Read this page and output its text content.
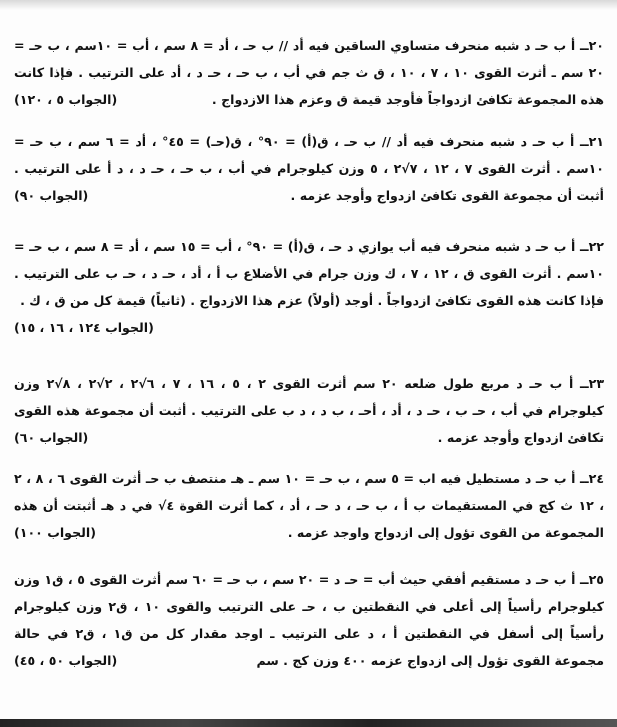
٢٠ــ أ ب حـ د شبه منحرف متساوي الساقين فيه أد // ب حـ ، أد = ٨ سم ، أب = ١٠سم ، ب حـ = ٢٠ سم ـ أثرت القوى ١٠ ، ٧ ، ١٠ ، ق ث جم في أب ، ب حـ ، حـ د ، أد على الترتيب . فإذا كانت هذه المجموعة تكافئ ازدواجاً فأوجد قيمة ق وعزم هذا الازدواج .
(الجواب ٥ ، ١٢٠)

٢١ــ أ ب حـ د شبه منحرف فيه أد // ب حـ ، ق(أ) = ٩٠° ، ق(حـ) = ٤٥° ، أد = ٦ سم ، ب حـ = ١٠سم . أثرت القوى ٧ ، ١٢ ، ٧√٢ ، ٥ وزن كيلوجرام في أب ، ب حـ ، حـ د ، د أ على الترتيب . أثبت أن مجموعة القوى تكافئ ازدواج وأوجد عزمه .
(الجواب ٩٠)

٢٢ــ أ ب حـ د شبه منحرف فيه أب يوازي د حـ ، ق(أ) = ٩٠° ، أب = ١٥ سم ، أد = ٨ سم ، ب حـ = ١٠سم . أثرت القوى ق ، ١٢ ، ٧ ، ك وزن جرام في الأضلاع ب أ ، أد ، حـ د ، حـ ب على الترتيب . فإذا كانت هذه القوى تكافئ ازدواجاً . أوجد (أولاً) عزم هذا الازدواج . (ثانياً) قيمة كل من ق ، ك .
(الجواب ١٢٤ ، ١٦ ، ١٥)

٢٣ــ أ ب حـ د مربع طول ضلعه ٢٠ سم أثرت القوى ٢ ، ٥ ، ١٦ ، ٧ ، ٦√٢ ، ٢√٢ ، ٨√٢ وزن كيلوجرام في أب ، حـ ب ، حـ د ، أد ، أحـ ، ب د ، د ب على الترتيب . أثبت أن مجموعة هذه القوى تكافئ ازدواج وأوجد عزمه .
(الجواب ٦٠)

٢٤ــ أ ب حـ د مستطيل فيه اب = ٥ سم ، ب حـ = ١٠ سم ـ هـ منتصف ب حـ أثرت القوى ٦ ، ٨ ، ٢ ، ١٢ ث كج في المستقيمات ب أ ، ب حـ ، د حـ ، أد ، كما أثرت القوة ٤√ في د هـ أثبتت أن هذه المجموعة من القوى تؤول إلى ازدواج واوجد عزمه .
(الجواب ١٠٠)

٢٥ــ أ ب حـ د مستقيم أفقي حيث أب = حـ د = ٢٠ سم ، ب حـ = ٦٠ سم أثرت القوى ٥ ، ق١ وزن كيلوجرام رأسياً إلى أعلى في النقطتين ب ، حـ على الترتيب والقوى ١٠ ، ق٢ وزن كيلوجرام رأسياً إلى أسفل في النقطتين أ ، د على الترتيب ـ اوجد مقدار كل من ق١ ، ق٢ في حالة مجموعة القوى تؤول إلى ازدواج عزمه ٤٠٠ وزن كج . سم
(الجواب ٥٠ ، ٤٥)
